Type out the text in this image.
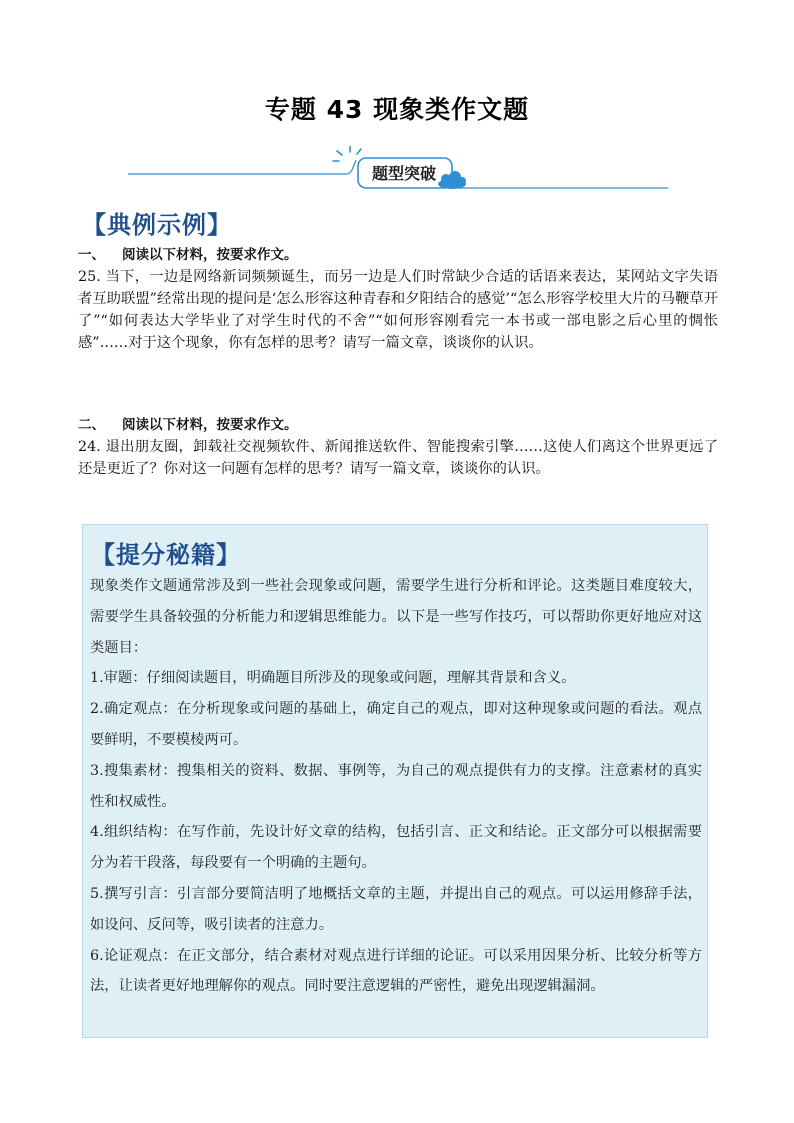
专题 43 现象类作文题
题型突破
【典例示例】
一、 阅读以下材料，按要求作文。
25. 当下，一边是网络新词频频诞生，而另一边是人们时常缺少合适的话语来表达，某网站文字失语者互助联盟”经常出现的提问是‘怎么形容这种青春和夕阳结合的感觉’“怎么形容学校里大片的马鞭草开了”“如何表达大学毕业了对学生时代的不舍”“如何形容刚看完一本书或一部电影之后心里的惆怅感”……对于这个现象，你有怎样的思考？请写一篇文章，谈谈你的认识。
二、 阅读以下材料，按要求作文。
24. 退出朋友圈，卸载社交视频软件、新闻推送软件、智能搜索引擎……这使人们离这个世界更远了还是更近了？你对这一问题有怎样的思考？请写一篇文章，谈谈你的认识。
【提分秘籍】

现象类作文题通常涉及到一些社会现象或问题，需要学生进行分析和评论。这类题目难度较大，需要学生具备较强的分析能力和逻辑思维能力。以下是一些写作技巧，可以帮助你更好地应对这类题目：

1.审题：仔细阅读题目，明确题目所涉及的现象或问题，理解其背景和含义。

2.确定观点：在分析现象或问题的基础上，确定自己的观点，即对这种现象或问题的看法。观点要鲜明，不要模棱两可。

3.搜集素材：搜集相关的资料、数据、事例等，为自己的观点提供有力的支撑。注意素材的真实性和权威性。

4.组织结构：在写作前，先设计好文章的结构，包括引言、正文和结论。正文部分可以根据需要分为若干段落，每段要有一个明确的主题句。

5.撰写引言：引言部分要简洁明了地概括文章的主题，并提出自己的观点。可以运用修辞手法，如设问、反问等，吸引读者的注意力。

6.论证观点：在正文部分，结合素材对观点进行详细的论证。可以采用因果分析、比较分析等方法，让读者更好地理解你的观点。同时要注意逻辑的严密性，避免出现逻辑漏洞。
